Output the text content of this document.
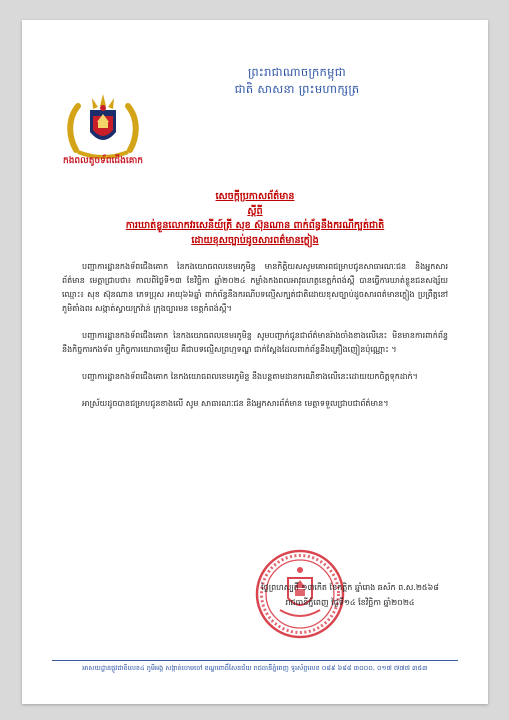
ព្រះរាជាណាចក្រកម្ពុជា
ជាតិ សាសនា ព្រះមហាក្សត្រ
កងពលតូចទ័ពជើងគោក
សេចក្ដីប្រកាសព័ត៌មាន
ស្ដីពី
ការឃាត់ខ្លួនលោកវរសេនីយ៍ត្រី សុខ ស៊ុនណាន ពាក់ព័ន្ធនឹងករណីក្បត់ជាតិ
ដោយខុសច្បាប់ដូចសារពត៌មានក្លៀង

បញ្ជាការដ្ឋានកងទ័ពជើងគោក នៃកងយោធពលខេមរភូមិន្ទ មានកិត្តិយសសូមគោរពជម្រាបជូនសាធារណៈជន និងអ្នកសារព័ត៌មាន មេត្តាជ្រាបថា៖ កាលពីថ្ងៃទី១៣ ខែវិច្ឆិកា ឆ្នាំ២០២៤ កម្លាំងកងពលអាវុធហត្ថខេត្តកំពង់ស្ពឺ បានធ្វើការឃាត់ខ្លួនជនសង្ស័យឈ្មោះ៖ សុខ ស៊ុនណាន ភេទប្រុស អាយុ៦៦ឆ្នាំ ពាក់ព័ន្ធនឹងករណីបទល្មើសក្បត់ជាតិដោយខុសច្បាប់ដូចសារពត៌មានក្លៀង ប្រព្រឹត្តនៅភូមិតាំងពរ សង្កាត់ស្វាយក្រវ៉ាន់ ក្រុងច្បារមន ខេត្តកំពង់ស្ពឺ។

បញ្ជាការដ្ឋានកងទ័ពជើងគោក នៃកងយោធពលខេមរភូមិន្ទ សូមបញ្ជាក់ជូនជាព័ត៌មានរ៉ាងចាំងខាងលើនេះ មិនមានការពាក់ព័ន្ធនឹងកិច្ចការកងទ័ព ឬកិច្ចការយោធាឡើយ គឺជាបទល្មើសព្រហ្មទណ្ឌ ជាក់ស្ដែងដែលពាក់ព័ន្ធនឹងគ្រឿងញៀនប៉ុណ្ណោះ ។

បញ្ជាការដ្ឋានកងទ័ពជើងគោក នៃកងយោធពលខេមរភូមិន្ទ នឹងបន្តតាមដានករណីខាងលើនេះដោយយកចិត្តទុកដាក់។

អាស្រ័យដូចបានជម្រាបជូនខាងលើ សូម សាធារណៈជន និងអ្នកសារព័ត៌មាន មេត្តាទទួលជ្រាបជាព័ត៌មាន។

ថ្ងៃព្រហស្បតិ៍ ១៣កើត ខែកត្តិក ឆ្នាំរោង ឆស័ក ព.ស.២៥៦៨
រាជធានីភ្នំពេញ ថ្ងៃទី១៤ ខែវិច្ឆិកា ឆ្នាំ២០២៤
អាសយដ្ឋានផ្លូវជាតិលេខ៤ ភូមិអង្គ សង្កាត់ចោមចៅ ខណ្ឌពោធិ៍សែនជ័យ រាជធានីភ្នំពេញ ទូរស័ព្ទលេខ ០៨៩ ៦៨៨ ៣០០០, ០១៧ ៧៧៧ ៣៥៣
